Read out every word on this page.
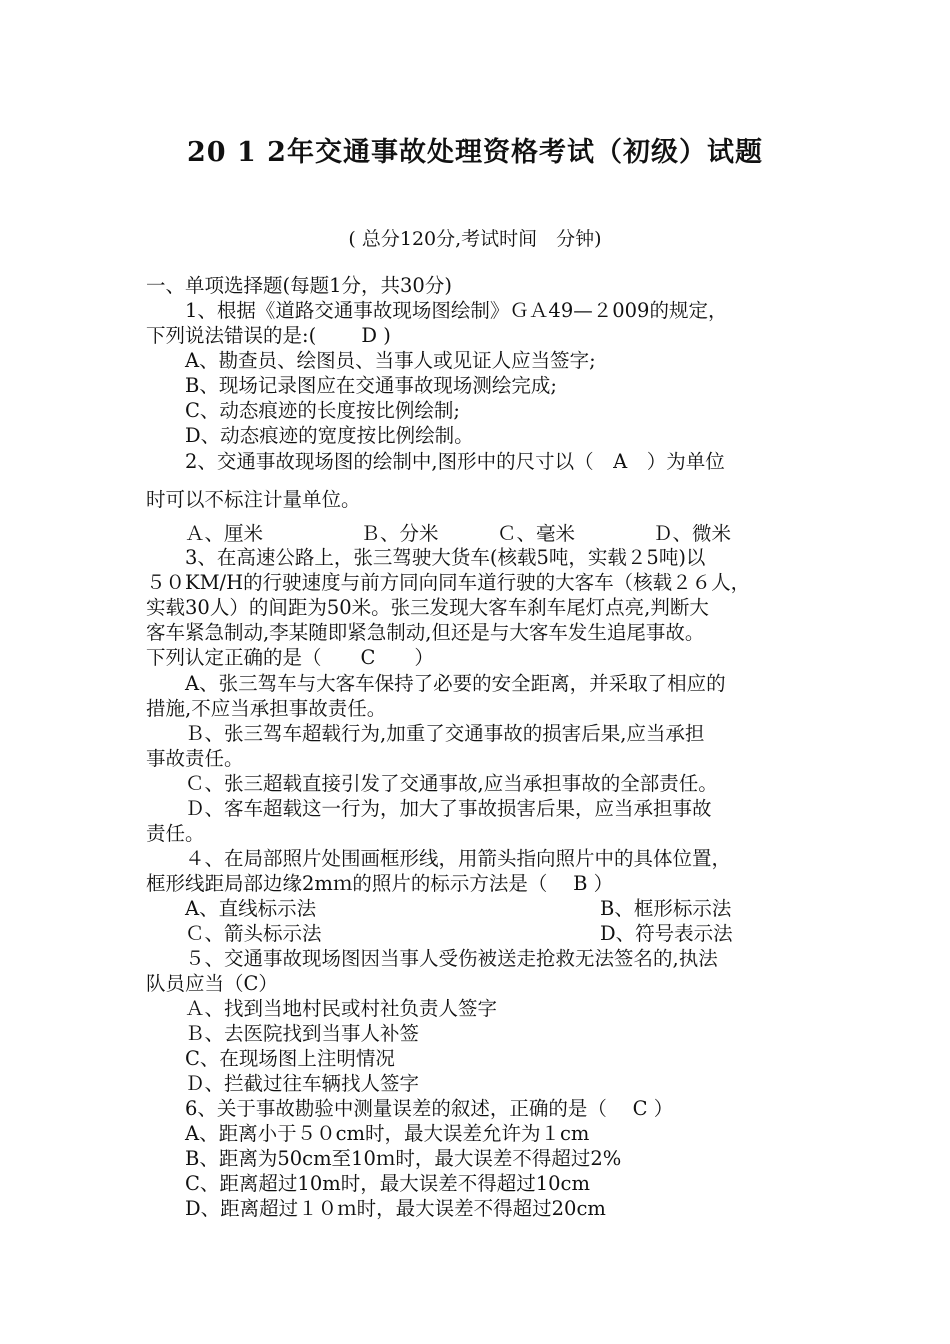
20 1 2年交通事故处理资格考试（初级）试题
( 总分120分,考试时间　分钟)
一、单项选择题(每题1分，共30分)
　　1、根据《道路交通事故现场图绘制》ＧＡ49—２009的规定，
下列说法错误的是:(　　 D )
　　A、勘查员、绘图员、当事人或见证人应当签字;
　　B、现场记录图应在交通事故现场测绘完成;
　　C、动态痕迹的长度按比例绘制;
　　D、动态痕迹的宽度按比例绘制。
　　2、交通事故现场图的绘制中,图形中的尺寸以（　A　）为单位
时可以不标注计量单位。
　　Ａ、厘米　　　　　Ｂ、分米　　　Ｃ、毫米　　　　Ｄ、微米
　　3、在高速公路上，张三驾驶大货车(核载5吨，实载２5吨)以
５０KM/H的行驶速度与前方同向同车道行驶的大客车（核载２６人，
实载30人）的间距为50米。张三发现大客车刹车尾灯点亮,判断大
客车紧急制动,李某随即紧急制动,但还是与大客车发生追尾事故。
下列认定正确的是（　　C　　）
　　A、张三驾车与大客车保持了必要的安全距离，并采取了相应的
措施,不应当承担事故责任。
　　Ｂ、张三驾车超载行为,加重了交通事故的损害后果,应当承担
事故责任。
　　Ｃ、张三超载直接引发了交通事故,应当承担事故的全部责任。
　　Ｄ、客车超载这一行为，加大了事故损害后果，应当承担事故
责任。
　　４、在局部照片处围画框形线，用箭头指向照片中的具体位置，
框形线距局部边缘2mｍ的照片的标示方法是（　 B ）
　　A、直线标示法	B、框形标示法
　　Ｃ、箭头标示法	D、符号表示法
　　５、交通事故现场图因当事人受伤被送走抢救无法签名的,执法
队员应当（C）
　　Ａ、找到当地村民或村社负责人签字
　　Ｂ、去医院找到当事人补签
　　C、在现场图上注明情况
　　Ｄ、拦截过往车辆找人签字
　　6、关于事故勘验中测量误差的叙述，正确的是（　 C ）
　　A、距离小于５０cm时，最大误差允许为１cm
　　B、距离为50cm至10ｍ时，最大误差不得超过2%
　　C、距离超过10m时，最大误差不得超过10cm
　　D、距离超过１０ｍ时，最大误差不得超过20cm
